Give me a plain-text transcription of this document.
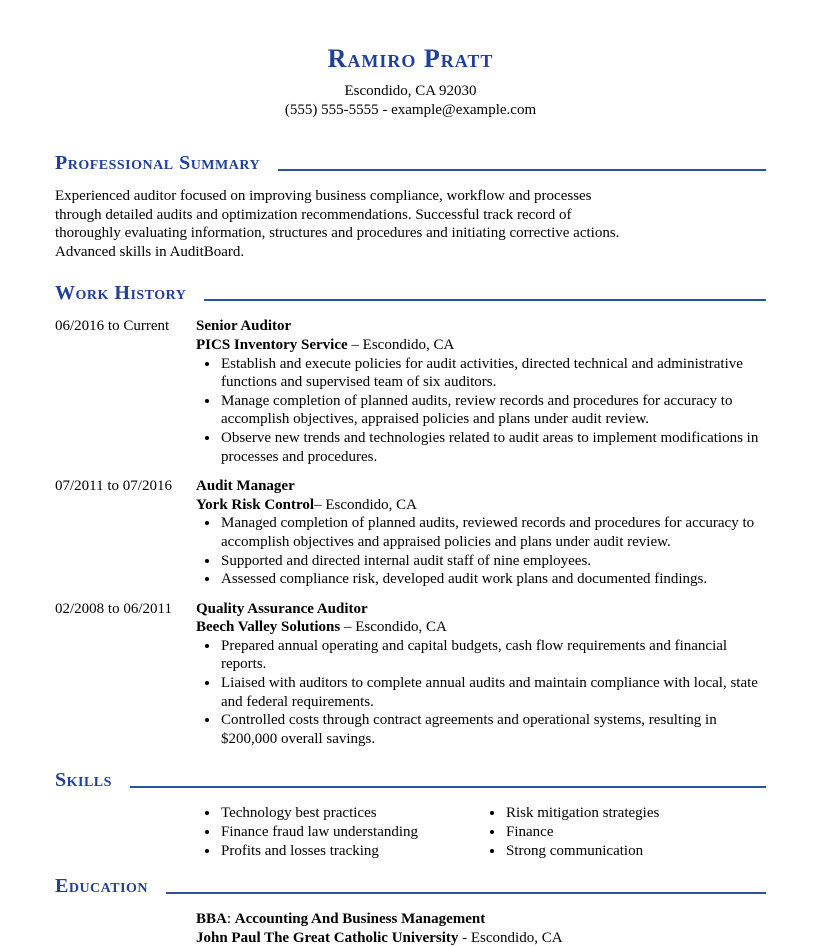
Ramiro Pratt
Escondido, CA 92030
(555) 555-5555 - example@example.com
Professional Summary

Experienced auditor focused on improving business compliance, workflow and processes through detailed audits and optimization recommendations. Successful track record of thoroughly evaluating information, structures and procedures and initiating corrective actions. Advanced skills in AuditBoard.

Work History
06/2016 to Current	Senior Auditor
PICS Inventory Service – Escondido, CA
• Establish and execute policies for audit activities, directed technical and administrative functions and supervised team of six auditors.
• Manage completion of planned audits, review records and procedures for accuracy to accomplish objectives, appraised policies and plans under audit review.
• Observe new trends and technologies related to audit areas to implement modifications in processes and procedures.
07/2011 to 07/2016	Audit Manager
York Risk Control– Escondido, CA
• Managed completion of planned audits, reviewed records and procedures for accuracy to accomplish objectives and appraised policies and plans under audit review.
• Supported and directed internal audit staff of nine employees.
• Assessed compliance risk, developed audit work plans and documented findings.
02/2008 to 06/2011	Quality Assurance Auditor
Beech Valley Solutions – Escondido, CA
• Prepared annual operating and capital budgets, cash flow requirements and financial reports.
• Liaised with auditors to complete annual audits and maintain compliance with local, state and federal requirements.
• Controlled costs through contract agreements and operational systems, resulting in $200,000 overall savings.
Skills
• Technology best practices
• Finance fraud law understanding
• Profits and losses tracking
• Risk mitigation strategies
• Finance
• Strong communication
Education
BBA: Accounting And Business Management
John Paul The Great Catholic University - Escondido, CA
